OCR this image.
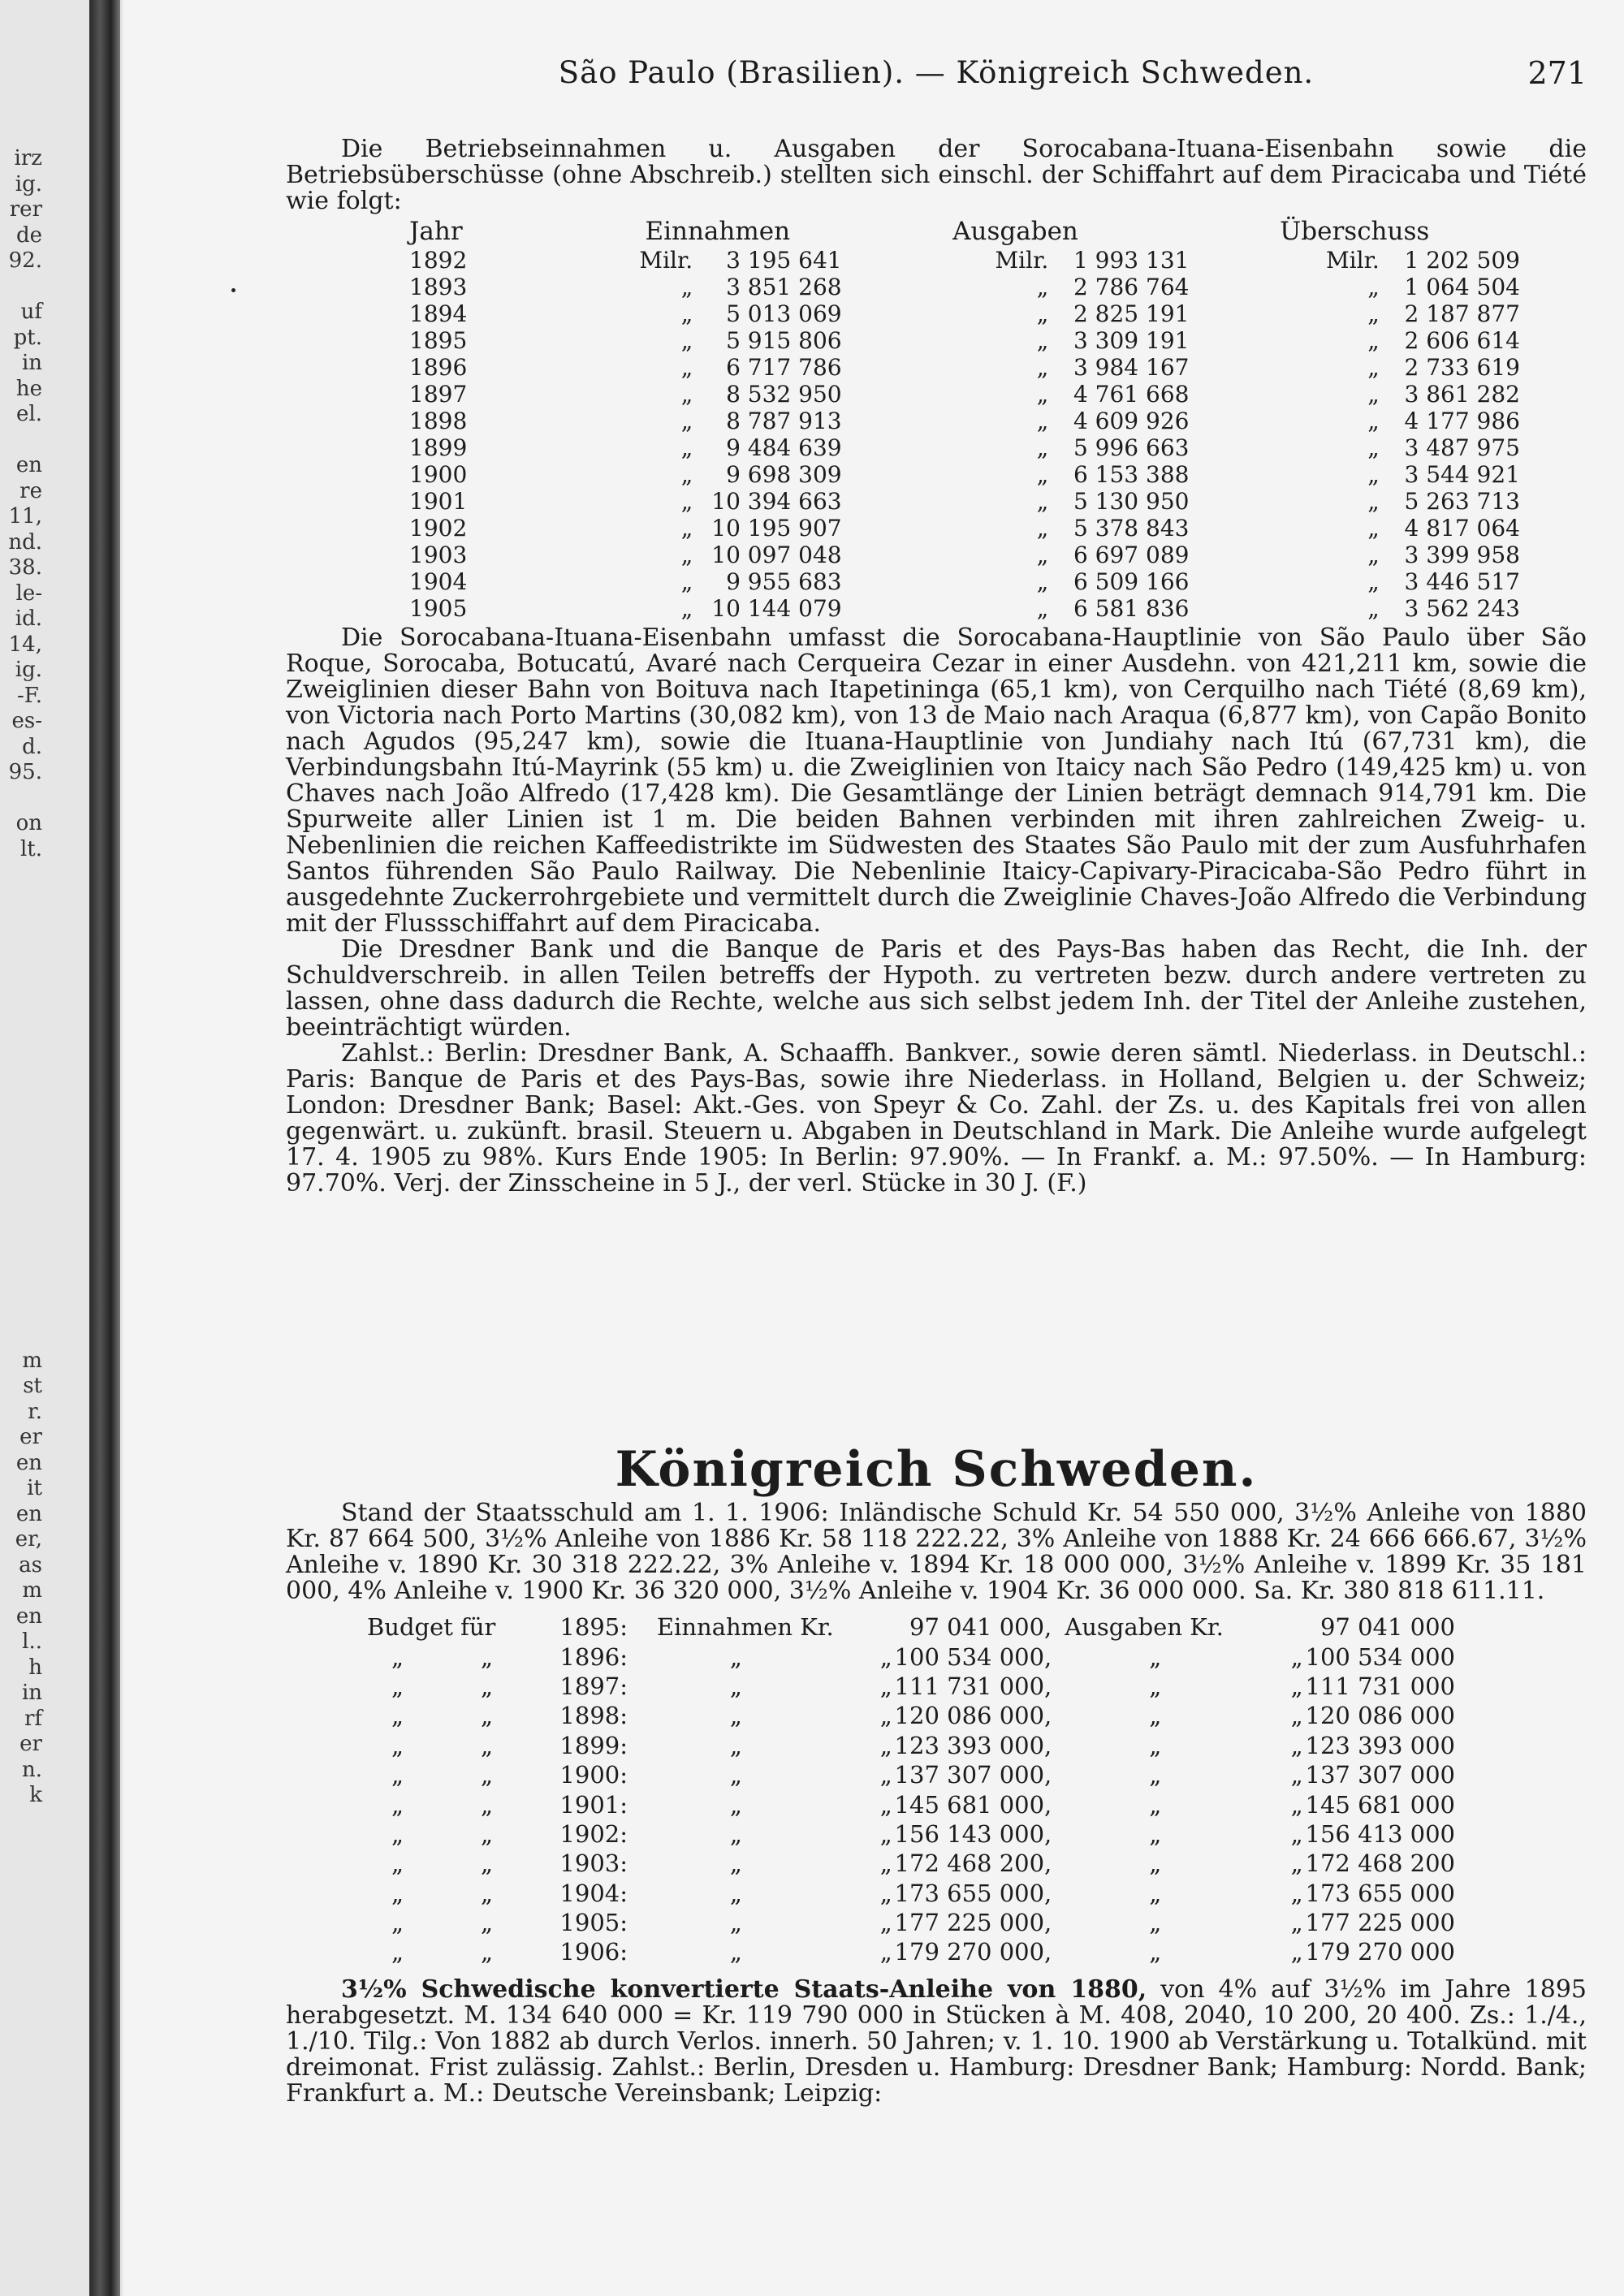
irz
ig.
rer
de
92.
uf
pt.
in
he
el.
en
re
11,
nd.
38.
le-
id.
14,
ig.
-F.
es-
d.
95.
on
lt.
m
st
r.
er
en
it
en
er,
as
m
en
l..
h
in
rf
er
n.
k
São Paulo (Brasilien). — Königreich Schweden.	271

Die Betriebseinnahmen u. Ausgaben der Sorocabana-Ituana-Eisenbahn sowie die Betriebsüberschüsse (ohne Abschreib.) stellten sich einschl. der Schiffahrt auf dem Piracicaba und Tiété wie folgt:

Jahr	Einnahmen		Ausgaben		Überschuss	
1892	Milr.	3 195 641	Milr.	1 993 131	Milr.	1 202 509
1893	„	3 851 268	„	2 786 764	„	1 064 504
1894	„	5 013 069	„	2 825 191	„	2 187 877
1895	„	5 915 806	„	3 309 191	„	2 606 614
1896	„	6 717 786	„	3 984 167	„	2 733 619
1897	„	8 532 950	„	4 761 668	„	3 861 282
1898	„	8 787 913	„	4 609 926	„	4 177 986
1899	„	9 484 639	„	5 996 663	„	3 487 975
1900	„	9 698 309	„	6 153 388	„	3 544 921
1901	„	10 394 663	„	5 130 950	„	5 263 713
1902	„	10 195 907	„	5 378 843	„	4 817 064
1903	„	10 097 048	„	6 697 089	„	3 399 958
1904	„	9 955 683	„	6 509 166	„	3 446 517
1905	„	10 144 079	„	6 581 836	„	3 562 243

Die Sorocabana-Ituana-Eisenbahn umfasst die Sorocabana-Hauptlinie von São Paulo über São Roque, Sorocaba, Botucatú, Avaré nach Cerqueira Cezar in einer Ausdehn. von 421,211 km, sowie die Zweiglinien dieser Bahn von Boituva nach Itapetininga (65,1 km), von Cerquilho nach Tiété (8,69 km), von Victoria nach Porto Martins (30,082 km), von 13 de Maio nach Araqua (6,877 km), von Capão Bonito nach Agudos (95,247 km), sowie die Ituana-Hauptlinie von Jundiahy nach Itú (67,731 km), die Verbindungsbahn Itú-Mayrink (55 km) u. die Zweiglinien von Itaicy nach São Pedro (149,425 km) u. von Chaves nach João Alfredo (17,428 km). Die Gesamtlänge der Linien beträgt demnach 914,791 km. Die Spurweite aller Linien ist 1 m. Die beiden Bahnen verbinden mit ihren zahlreichen Zweig- u. Nebenlinien die reichen Kaffeedistrikte im Südwesten des Staates São Paulo mit der zum Ausfuhrhafen Santos führenden São Paulo Railway. Die Nebenlinie Itaicy-Capivary-Piracicaba-São Pedro führt in ausgedehnte Zuckerrohrgebiete und vermittelt durch die Zweiglinie Chaves-João Alfredo die Verbindung mit der Flussschiffahrt auf dem Piracicaba.

Die Dresdner Bank und die Banque de Paris et des Pays-Bas haben das Recht, die Inh. der Schuldverschreib. in allen Teilen betreffs der Hypoth. zu vertreten bezw. durch andere vertreten zu lassen, ohne dass dadurch die Rechte, welche aus sich selbst jedem Inh. der Titel der Anleihe zustehen, beeinträchtigt würden.

Zahlst.: Berlin: Dresdner Bank, A. Schaaffh. Bankver., sowie deren sämtl. Niederlass. in Deutschl.: Paris: Banque de Paris et des Pays-Bas, sowie ihre Niederlass. in Holland, Belgien u. der Schweiz; London: Dresdner Bank; Basel: Akt.-Ges. von Speyr & Co. Zahl. der Zs. u. des Kapitals frei von allen gegenwärt. u. zukünft. brasil. Steuern u. Abgaben in Deutschland in Mark. Die Anleihe wurde aufgelegt 17. 4. 1905 zu 98%. Kurs Ende 1905: In Berlin: 97.90%. — In Frankf. a. M.: 97.50%. — In Hamburg: 97.70%. Verj. der Zinsscheine in 5 J., der verl. Stücke in 30 J. (F.)

Königreich Schweden.

Stand der Staatsschuld am 1. 1. 1906: Inländische Schuld Kr. 54 550 000, 3½% Anleihe von 1880 Kr. 87 664 500, 3½% Anleihe von 1886 Kr. 58 118 222.22, 3% Anleihe von 1888 Kr. 24 666 666.67, 3½% Anleihe v. 1890 Kr. 30 318 222.22, 3% Anleihe v. 1894 Kr. 18 000 000, 3½% Anleihe v. 1899 Kr. 35 181 000, 4% Anleihe v. 1900 Kr. 36 320 000, 3½% Anleihe v. 1904 Kr. 36 000 000. Sa. Kr. 380 818 611.11.

Budget für	1895:	Einnahmen Kr.		97 041 000,	Ausgaben Kr.		97 041 000
„ „	1896:	„	„	100 534 000,	„	„	100 534 000
„ „	1897:	„	„	111 731 000,	„	„	111 731 000
„ „	1898:	„	„	120 086 000,	„	„	120 086 000
„ „	1899:	„	„	123 393 000,	„	„	123 393 000
„ „	1900:	„	„	137 307 000,	„	„	137 307 000
„ „	1901:	„	„	145 681 000,	„	„	145 681 000
„ „	1902:	„	„	156 143 000,	„	„	156 413 000
„ „	1903:	„	„	172 468 200,	„	„	172 468 200
„ „	1904:	„	„	173 655 000,	„	„	173 655 000
„ „	1905:	„	„	177 225 000,	„	„	177 225 000
„ „	1906:	„	„	179 270 000,	„	„	179 270 000

3½% Schwedische konvertierte Staats-Anleihe von 1880, von 4% auf 3½% im Jahre 1895 herabgesetzt. M. 134 640 000 = Kr. 119 790 000 in Stücken à M. 408, 2040, 10 200, 20 400. Zs.: 1./4., 1./10. Tilg.: Von 1882 ab durch Verlos. innerh. 50 Jahren; v. 1. 10. 1900 ab Verstärkung u. Totalkünd. mit dreimonat. Frist zulässig. Zahlst.: Berlin, Dresden u. Hamburg: Dresdner Bank; Hamburg: Nordd. Bank; Frankfurt a. M.: Deutsche Vereinsbank; Leipzig:
